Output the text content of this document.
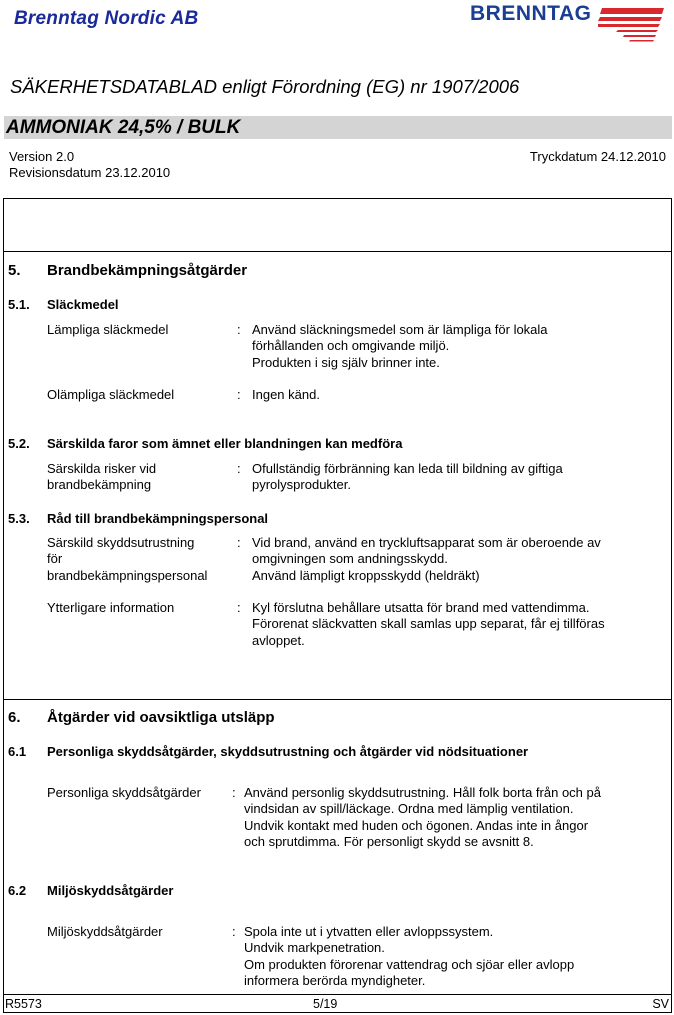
Brenntag Nordic AB	BRENNTAG
SÄKERHETSDATABLAD enligt Förordning (EG) nr 1907/2006
AMMONIAK 24,5% / BULK
Version 2.0
Revisionsdatum 23.12.2010
Tryckdatum 24.12.2010
5. Brandbekämpningsåtgärder
5.1. Släckmedel
Lämpliga släckmedel	: Använd släckningsmedel som är lämpliga för lokala
förhållanden och omgivande miljö.
Produkten i sig själv brinner inte.
Olämpliga släckmedel	: Ingen känd.
5.2. Särskilda faror som ämnet eller blandningen kan medföra
Särskilda risker vid
brandbekämpning
: Ofullständig förbränning kan leda till bildning av giftiga
pyrolysprodukter.
5.3. Råd till brandbekämpningspersonal
Särskild skyddsutrustning
för
brandbekämpningspersonal
: Vid brand, använd en tryckluftsapparat som är oberoende av
omgivningen som andningsskydd.
Använd lämpligt kroppsskydd (heldräkt)
Ytterligare information	: Kyl förslutna behållare utsatta för brand med vattendimma.
Förorenat släckvatten skall samlas upp separat, får ej tillföras
avloppet.
6. Åtgärder vid oavsiktliga utsläpp
6.1 Personliga skyddsåtgärder, skyddsutrustning och åtgärder vid nödsituationer
Personliga skyddsåtgärder : Använd personlig skyddsutrustning. Håll folk borta från och på
vindsidan av spill/läckage. Ordna med lämplig ventilation.
Undvik kontakt med huden och ögonen. Andas inte in ångor
och sprutdimma. För personligt skydd se avsnitt 8.
6.2 Miljöskyddsåtgärder
Miljöskyddsåtgärder	: Spola inte ut i ytvatten eller avloppssystem.
Undvik markpenetration.
Om produkten förorenar vattendrag och sjöar eller avlopp
informera berörda myndigheter.
R5573	5/19	SV
